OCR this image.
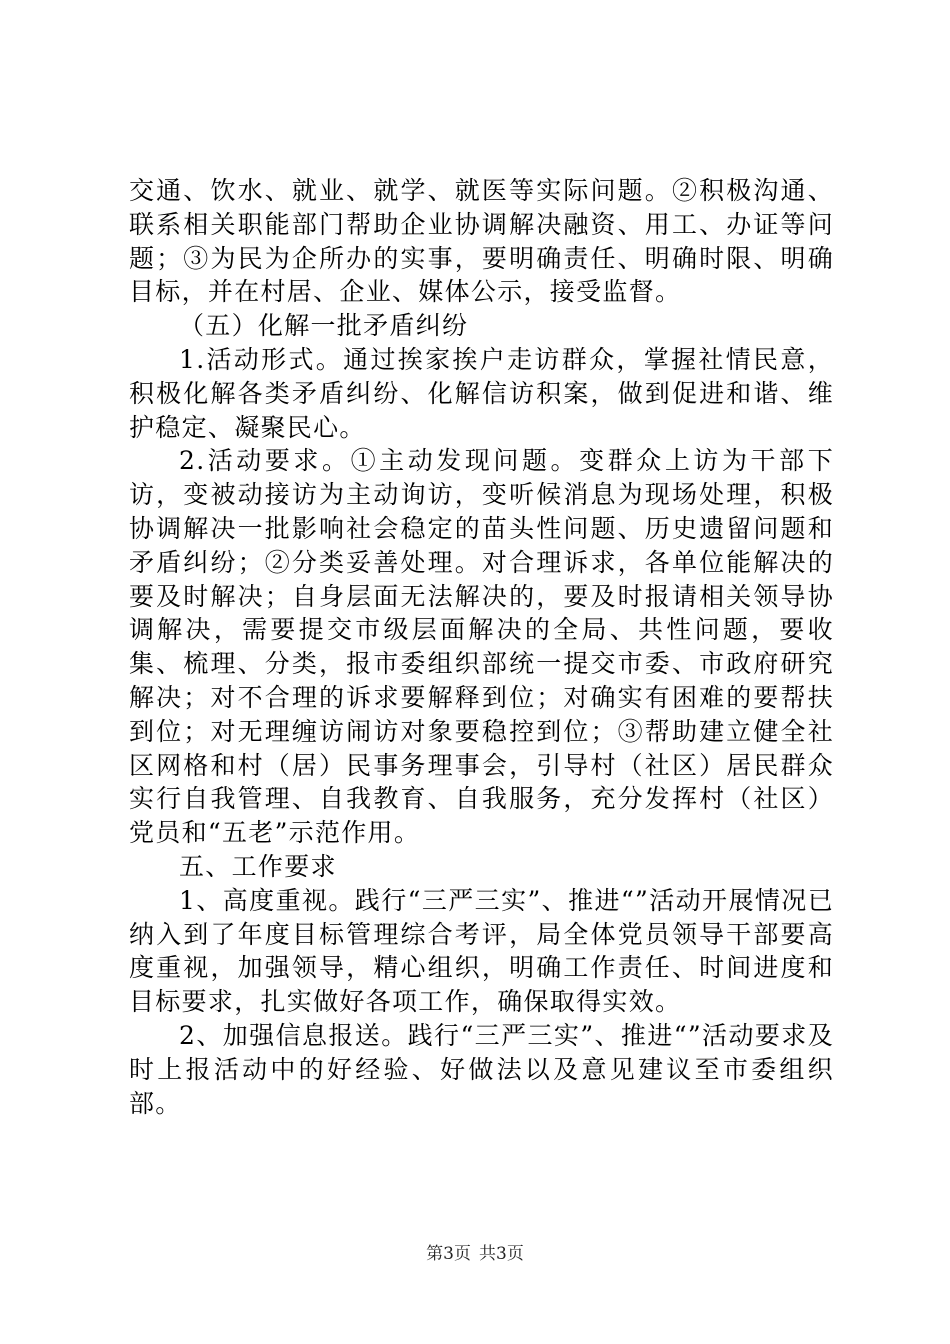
交通、饮水、就业、就学、就医等实际问题。②积极沟通、联系相关职能部门帮助企业协调解决融资、用工、办证等问题；③为民为企所办的实事，要明确责任、明确时限、明确目标，并在村居、企业、媒体公示，接受监督。

（五）化解一批矛盾纠纷

1.活动形式。通过挨家挨户走访群众，掌握社情民意，积极化解各类矛盾纠纷、化解信访积案，做到促进和谐、维护稳定、凝聚民心。

2.活动要求。①主动发现问题。变群众上访为干部下访，变被动接访为主动询访，变听候消息为现场处理，积极协调解决一批影响社会稳定的苗头性问题、历史遗留问题和矛盾纠纷；②分类妥善处理。对合理诉求，各单位能解决的要及时解决；自身层面无法解决的，要及时报请相关领导协调解决，需要提交市级层面解决的全局、共性问题，要收集、梳理、分类，报市委组织部统一提交市委、市政府研究解决；对不合理的诉求要解释到位；对确实有困难的要帮扶到位；对无理缠访闹访对象要稳控到位；③帮助建立健全社区网格和村（居）民事务理事会，引导村（社区）居民群众实行自我管理、自我教育、自我服务，充分发挥村（社区）党员和“五老”示范作用。

五、工作要求

1、高度重视。践行“三严三实”、推进“”活动开展情况已纳入到了年度目标管理综合考评，局全体党员领导干部要高度重视，加强领导，精心组织，明确工作责任、时间进度和目标要求，扎实做好各项工作，确保取得实效。

2、加强信息报送。践行“三严三实”、推进“”活动要求及时上报活动中的好经验、好做法以及意见建议至市委组织部。

第3页 共3页
